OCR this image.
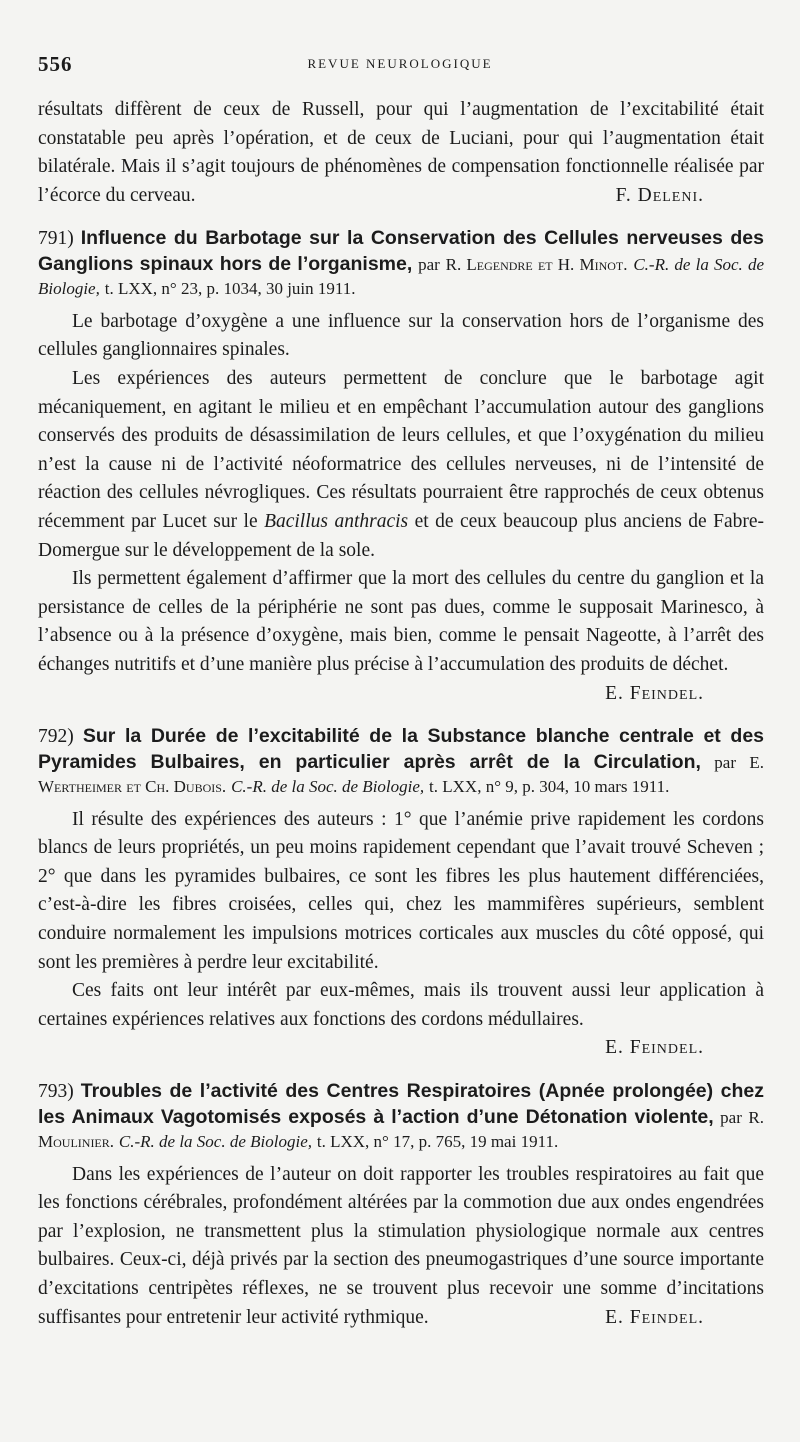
556	REVUE NEUROLOGIQUE

résultats diffèrent de ceux de Russell, pour qui l’augmentation de l’excitabilité était constatable peu après l’opération, et de ceux de Luciani, pour qui l’augmentation était bilatérale. Mais il s’agit toujours de phénomènes de compensation fonctionnelle réalisée par l’écorce du cerveau.	F. Deleni.

791) Influence du Barbotage sur la Conservation des Cellules nerveuses des Ganglions spinaux hors de l’organisme, par R. Legendre et H. Minot. C.-R. de la Soc. de Biologie, t. LXX, n° 23, p. 1034, 30 juin 1911.

Le barbotage d’oxygène a une influence sur la conservation hors de l’organisme des cellules ganglionnaires spinales.

Les expériences des auteurs permettent de conclure que le barbotage agit mécaniquement, en agitant le milieu et en empêchant l’accumulation autour des ganglions conservés des produits de désassimilation de leurs cellules, et que l’oxygénation du milieu n’est la cause ni de l’activité néoformatrice des cellules nerveuses, ni de l’intensité de réaction des cellules névrogliques. Ces résultats pourraient être rapprochés de ceux obtenus récemment par Lucet sur le Bacillus anthracis et de ceux beaucoup plus anciens de Fabre-Domergue sur le développement de la sole.

Ils permettent également d’affirmer que la mort des cellules du centre du ganglion et la persistance de celles de la périphérie ne sont pas dues, comme le supposait Marinesco, à l’absence ou à la présence d’oxygène, mais bien, comme le pensait Nageotte, à l’arrêt des échanges nutritifs et d’une manière plus précise à l’accumulation des produits de déchet.
E. Feindel.

792) Sur la Durée de l’excitabilité de la Substance blanche centrale et des Pyramides Bulbaires, en particulier après arrêt de la Circulation, par E. Wertheimer et Ch. Dubois. C.-R. de la Soc. de Biologie, t. LXX, n° 9, p. 304, 10 mars 1911.

Il résulte des expériences des auteurs : 1° que l’anémie prive rapidement les cordons blancs de leurs propriétés, un peu moins rapidement cependant que l’avait trouvé Scheven ; 2° que dans les pyramides bulbaires, ce sont les fibres les plus hautement différenciées, c’est-à-dire les fibres croisées, celles qui, chez les mammifères supérieurs, semblent conduire normalement les impulsions motrices corticales aux muscles du côté opposé, qui sont les premières à perdre leur excitabilité.

Ces faits ont leur intérêt par eux-mêmes, mais ils trouvent aussi leur application à certaines expériences relatives aux fonctions des cordons médullaires.

E. Feindel.
793) Troubles de l’activité des Centres Respiratoires (Apnée prolongée) chez les Animaux Vagotomisés exposés à l’action d’une Détonation violente, par R. Moulinier. C.-R. de la Soc. de Biologie, t. LXX, n° 17, p. 765, 19 mai 1911.

Dans les expériences de l’auteur on doit rapporter les troubles respiratoires au fait que les fonctions cérébrales, profondément altérées par la commotion due aux ondes engendrées par l’explosion, ne transmettent plus la stimulation physiologique normale aux centres bulbaires. Ceux-ci, déjà privés par la section des pneumogastriques d’une source importante d’excitations centripètes réflexes, ne se trouvent plus recevoir une somme d’incitations suffisantes pour entretenir leur activité rythmique.	E. Feindel.
